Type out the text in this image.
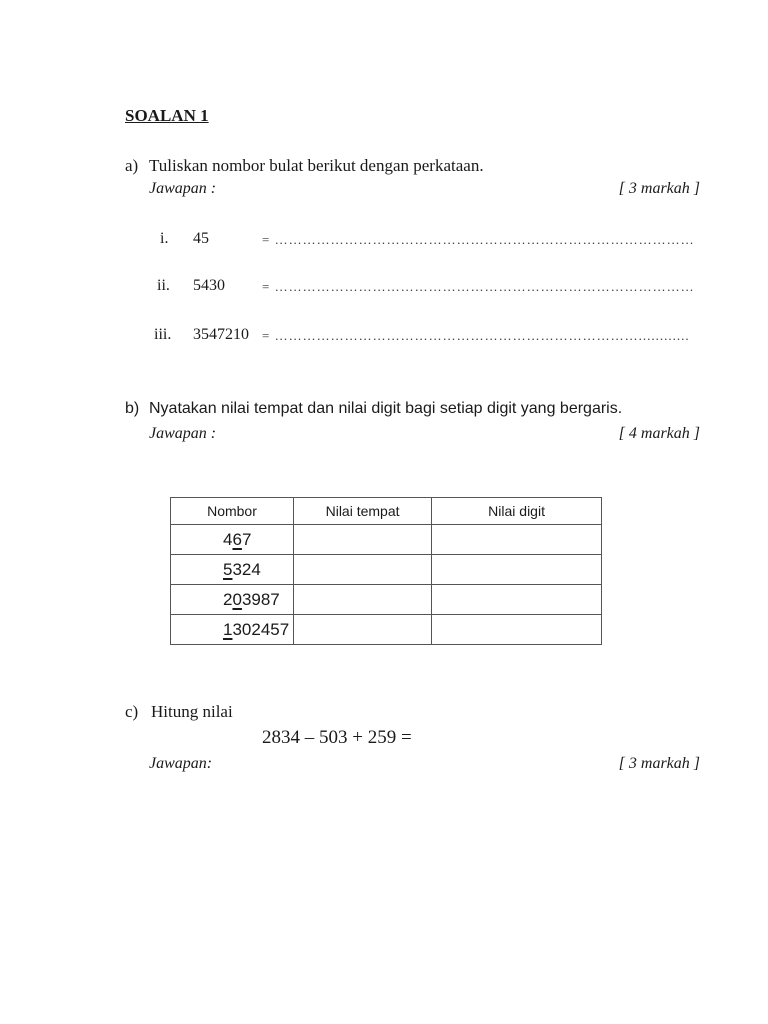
SOALAN 1
a) Tuliskan nombor bulat berikut dengan perkataan.
Jawapan :	[ 3 markah ]
i. 45	= ………………………………………………………………………………
ii. 5430	= ………………………………………………………………………………
iii. 3547210 = ……………………………………………………………………............
b) Nyatakan nilai tempat dan nilai digit bagi setiap digit yang bergaris.
Jawapan :	[ 4 markah ]
Nombor	Nilai tempat	Nilai digit
467		
5324		
203987		
1302457		
c) Hitung nilai
2834 – 503 + 259 =
Jawapan:	[ 3 markah ]
